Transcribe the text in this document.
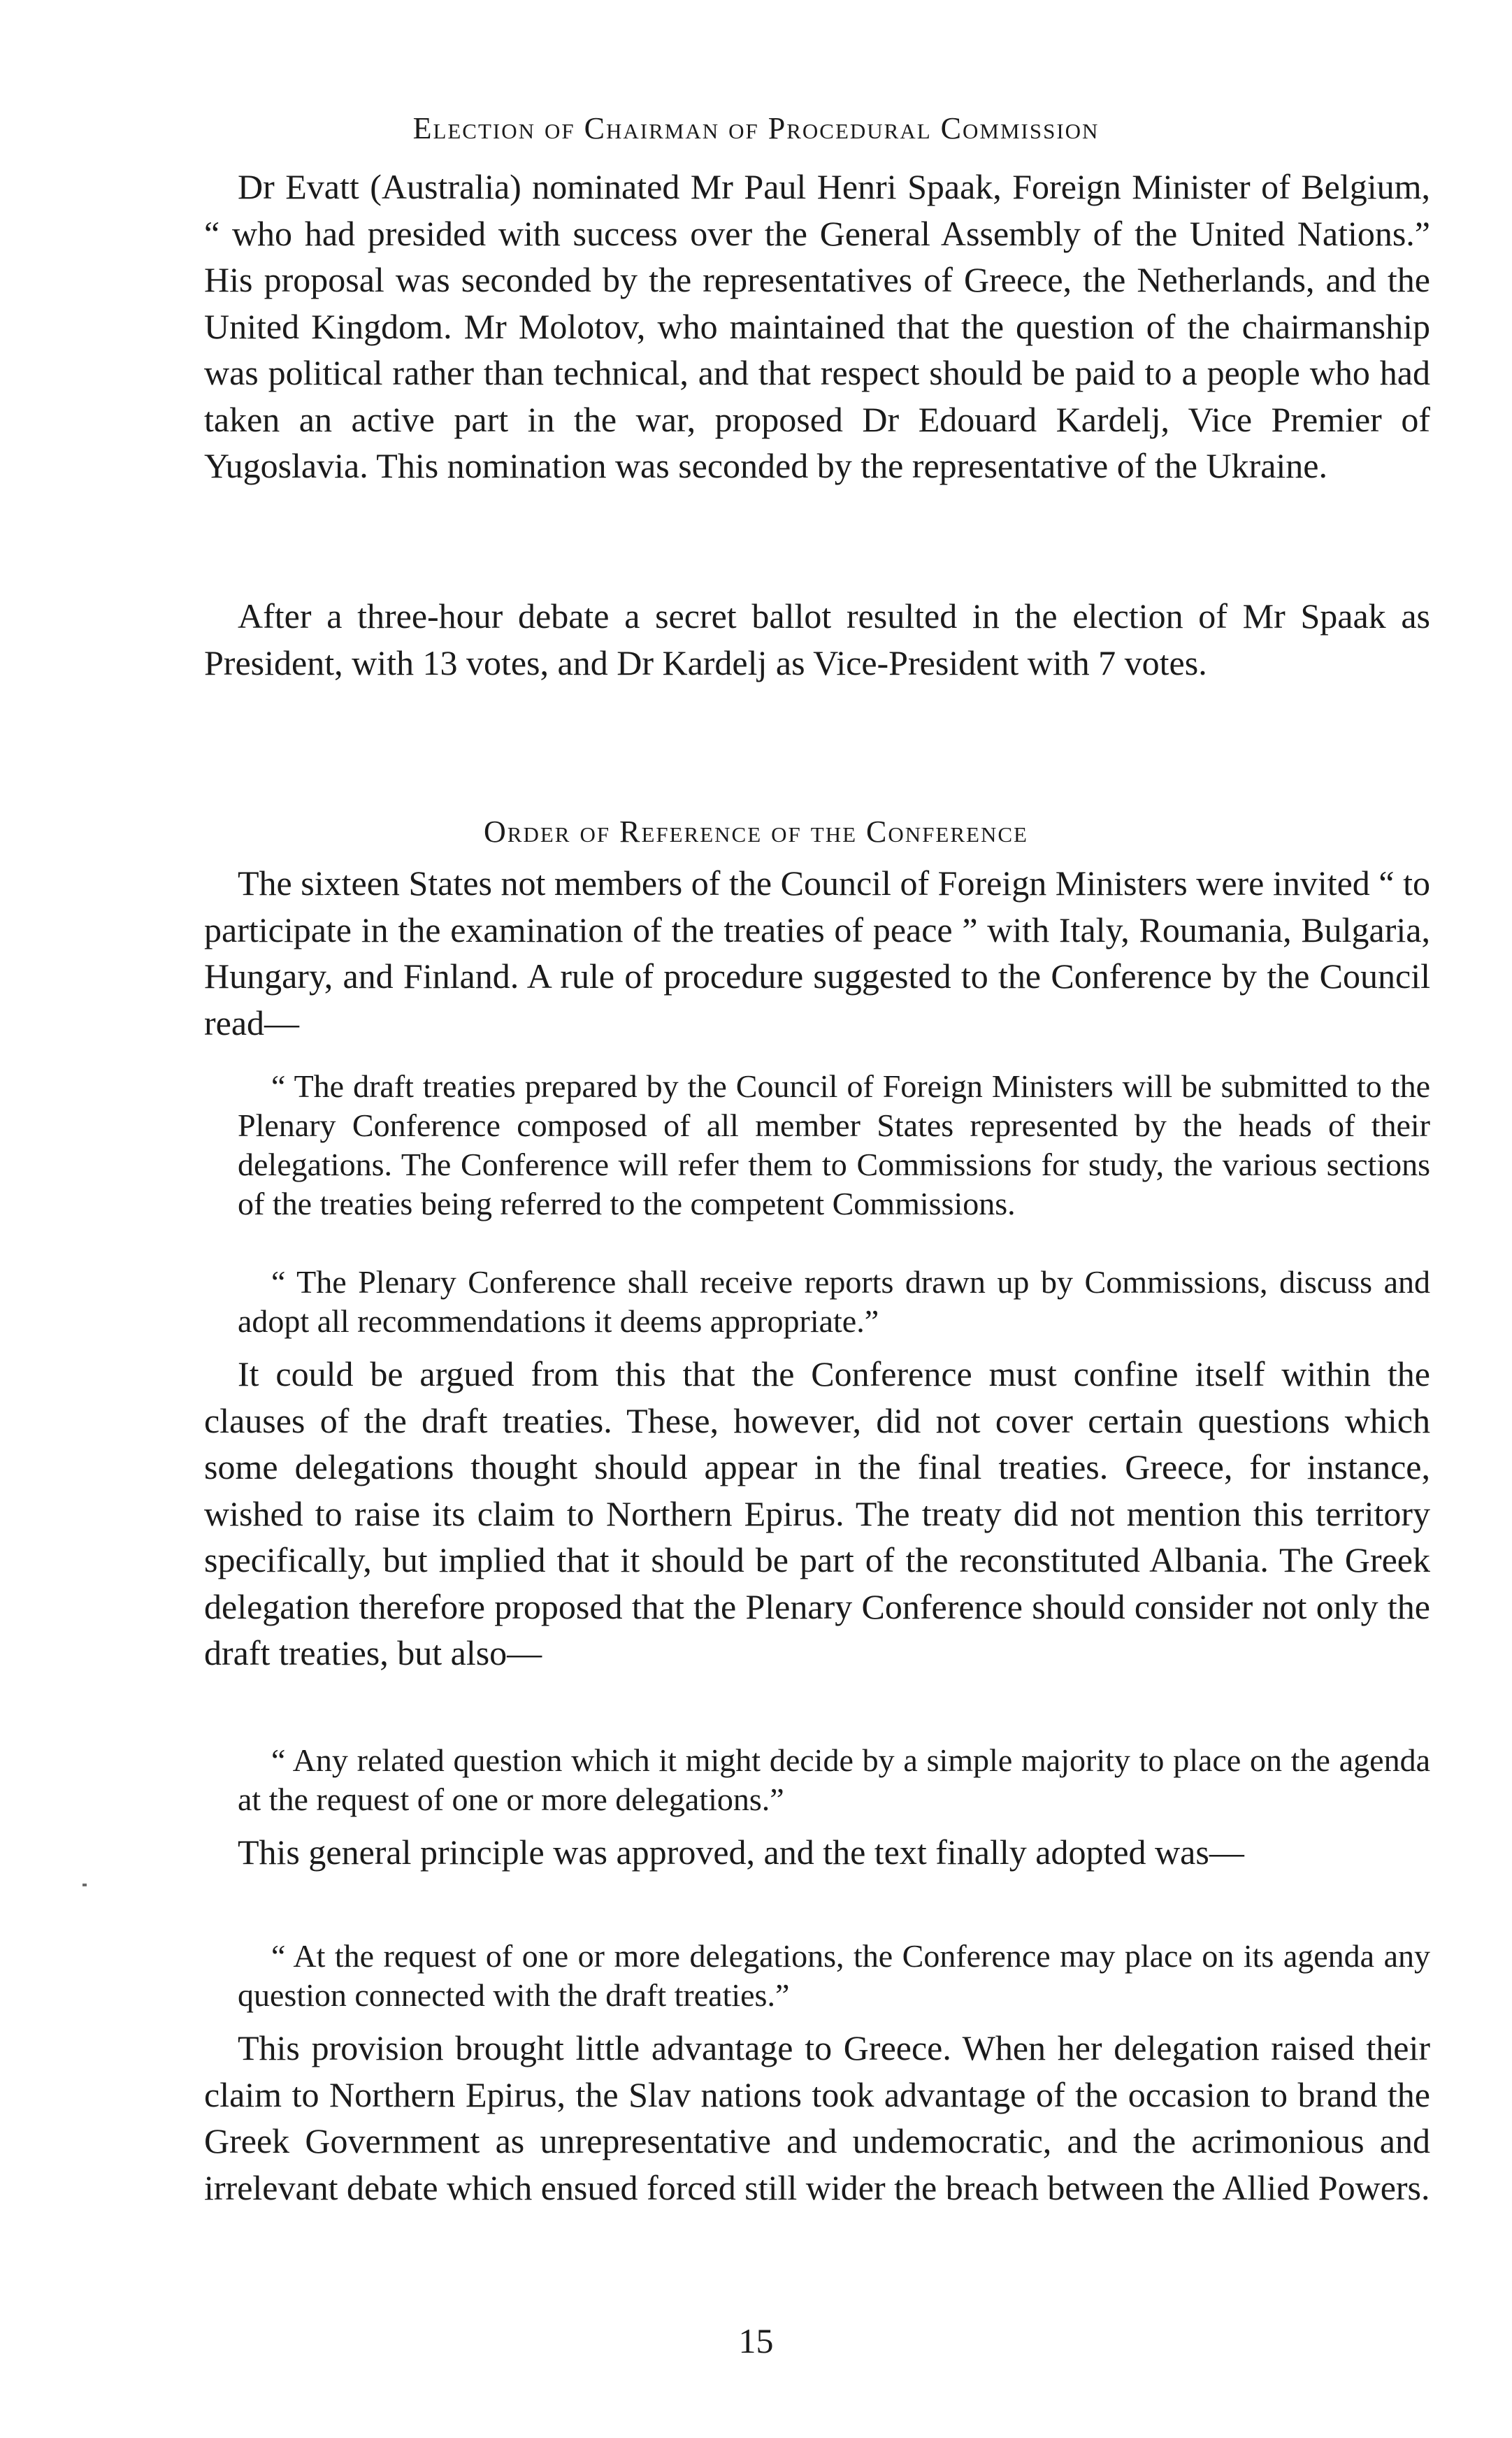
Election of Chairman of Procedural Commission

Dr Evatt (Australia) nominated Mr Paul Henri Spaak, Foreign Minister of Belgium, “ who had presided with success over the General Assembly of the United Nations.” His proposal was seconded by the representatives of Greece, the Netherlands, and the United Kingdom. Mr Molotov, who maintained that the question of the chairmanship was political rather than technical, and that respect should be paid to a people who had taken an active part in the war, proposed Dr Edouard Kardelj, Vice Premier of Yugoslavia. This nomination was seconded by the representative of the Ukraine.

After a three-hour debate a secret ballot resulted in the election of Mr Spaak as President, with 13 votes, and Dr Kardelj as Vice-President with 7 votes.

Order of Reference of the Conference

The sixteen States not members of the Council of Foreign Ministers were invited “ to participate in the examination of the treaties of peace ” with Italy, Roumania, Bulgaria, Hungary, and Finland. A rule of procedure suggested to the Conference by the Council read—

“ The draft treaties prepared by the Council of Foreign Ministers will be submitted to the Plenary Conference composed of all member States represented by the heads of their delegations. The Conference will refer them to Commissions for study, the various sections of the treaties being referred to the competent Commissions.

“ The Plenary Conference shall receive reports drawn up by Commissions, discuss and adopt all recommendations it deems appropriate.”

It could be argued from this that the Conference must confine itself within the clauses of the draft treaties. These, however, did not cover certain questions which some delegations thought should appear in the final treaties. Greece, for instance, wished to raise its claim to Northern Epirus. The treaty did not mention this territory specifically, but implied that it should be part of the reconstituted Albania. The Greek delegation therefore proposed that the Plenary Conference should consider not only the draft treaties, but also—

“ Any related question which it might decide by a simple majority to place on the agenda at the request of one or more delegations.”

This general principle was approved, and the text finally adopted was—

“ At the request of one or more delegations, the Conference may place on its agenda any question connected with the draft treaties.”

This provision brought little advantage to Greece. When her delegation raised their claim to Northern Epirus, the Slav nations took advantage of the occasion to brand the Greek Government as unrepresentative and undemocratic, and the acrimonious and irrelevant debate which ensued forced still wider the breach between the Allied Powers.

15
